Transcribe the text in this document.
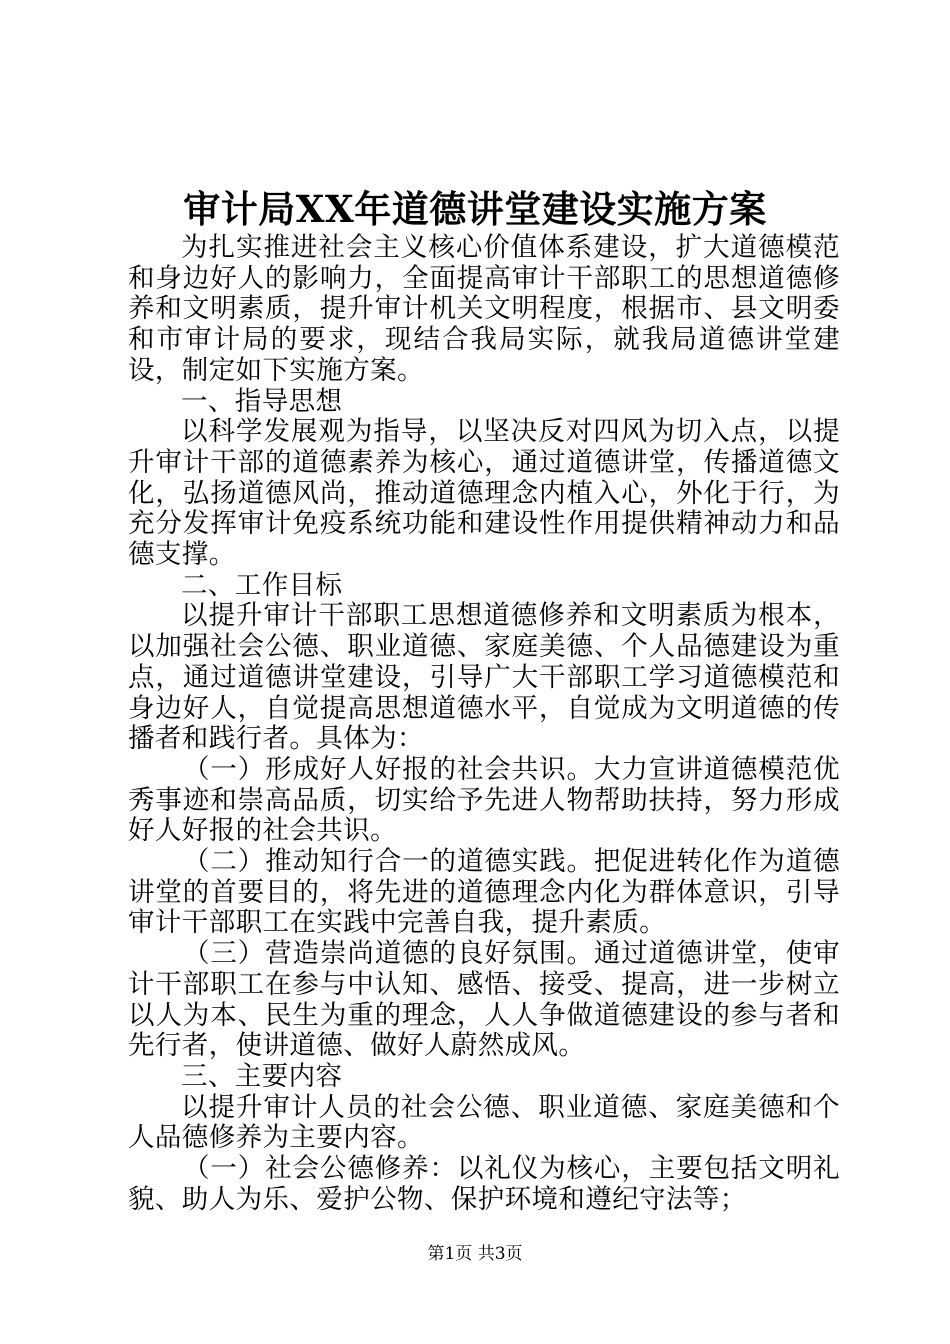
审计局XX年道德讲堂建设实施方案

为扎实推进社会主义核心价值体系建设，扩大道德模范和身边好人的影响力，全面提高审计干部职工的思想道德修养和文明素质，提升审计机关文明程度，根据市、县文明委和市审计局的要求，现结合我局实际，就我局道德讲堂建设，制定如下实施方案。

一、指导思想

以科学发展观为指导，以坚决反对四风为切入点，以提升审计干部的道德素养为核心，通过道德讲堂，传播道德文化，弘扬道德风尚，推动道德理念内植入心，外化于行，为充分发挥审计免疫系统功能和建设性作用提供精神动力和品德支撑。

二、工作目标

以提升审计干部职工思想道德修养和文明素质为根本，以加强社会公德、职业道德、家庭美德、个人品德建设为重点，通过道德讲堂建设，引导广大干部职工学习道德模范和身边好人，自觉提高思想道德水平，自觉成为文明道德的传播者和践行者。具体为：

（一）形成好人好报的社会共识。大力宣讲道德模范优秀事迹和崇高品质，切实给予先进人物帮助扶持，努力形成好人好报的社会共识。

（二）推动知行合一的道德实践。把促进转化作为道德讲堂的首要目的，将先进的道德理念内化为群体意识，引导审计干部职工在实践中完善自我，提升素质。

（三）营造崇尚道德的良好氛围。通过道德讲堂，使审计干部职工在参与中认知、感悟、接受、提高，进一步树立以人为本、民生为重的理念，人人争做道德建设的参与者和先行者，使讲道德、做好人蔚然成风。

三、主要内容

以提升审计人员的社会公德、职业道德、家庭美德和个人品德修养为主要内容。

（一）社会公德修养：以礼仪为核心，主要包括文明礼貌、助人为乐、爱护公物、保护环境和遵纪守法等；

第1页 共3页
